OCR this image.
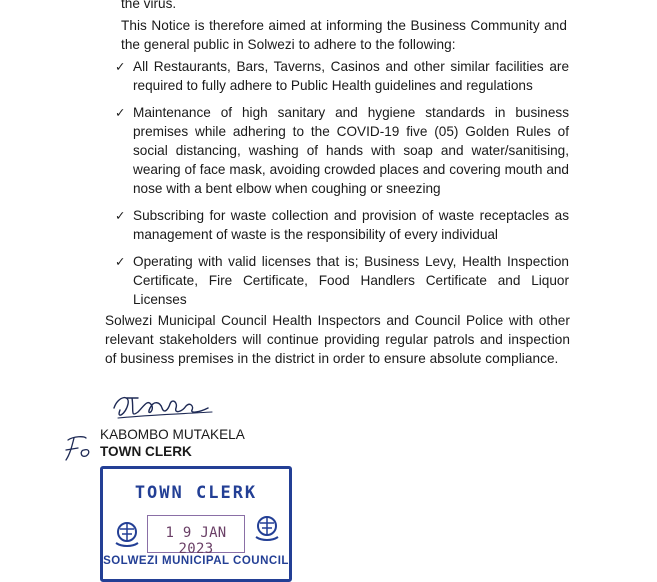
the virus.
This Notice is therefore aimed at informing the Business Community and the general public in Solwezi to adhere to the following:
✓ All Restaurants, Bars, Taverns, Casinos and other similar facilities are required to fully adhere to Public Health guidelines and regulations
✓ Maintenance of high sanitary and hygiene standards in business premises while adhering to the COVID-19 five (05) Golden Rules of social distancing, washing of hands with soap and water/sanitising, wearing of face mask, avoiding crowded places and covering mouth and nose with a bent elbow when coughing or sneezing
✓ Subscribing for waste collection and provision of waste receptacles as management of waste is the responsibility of every individual
✓ Operating with valid licenses that is; Business Levy, Health Inspection Certificate, Fire Certificate, Food Handlers Certificate and Liquor Licenses
Solwezi Municipal Council Health Inspectors and Council Police with other relevant stakeholders will continue providing regular patrols and inspection of business premises in the district in order to ensure absolute compliance.
KABOMBO MUTAKELA
TOWN CLERK
TOWN CLERK
1 9 JAN 2023
SOLWEZI MUNICIPAL COUNCIL
